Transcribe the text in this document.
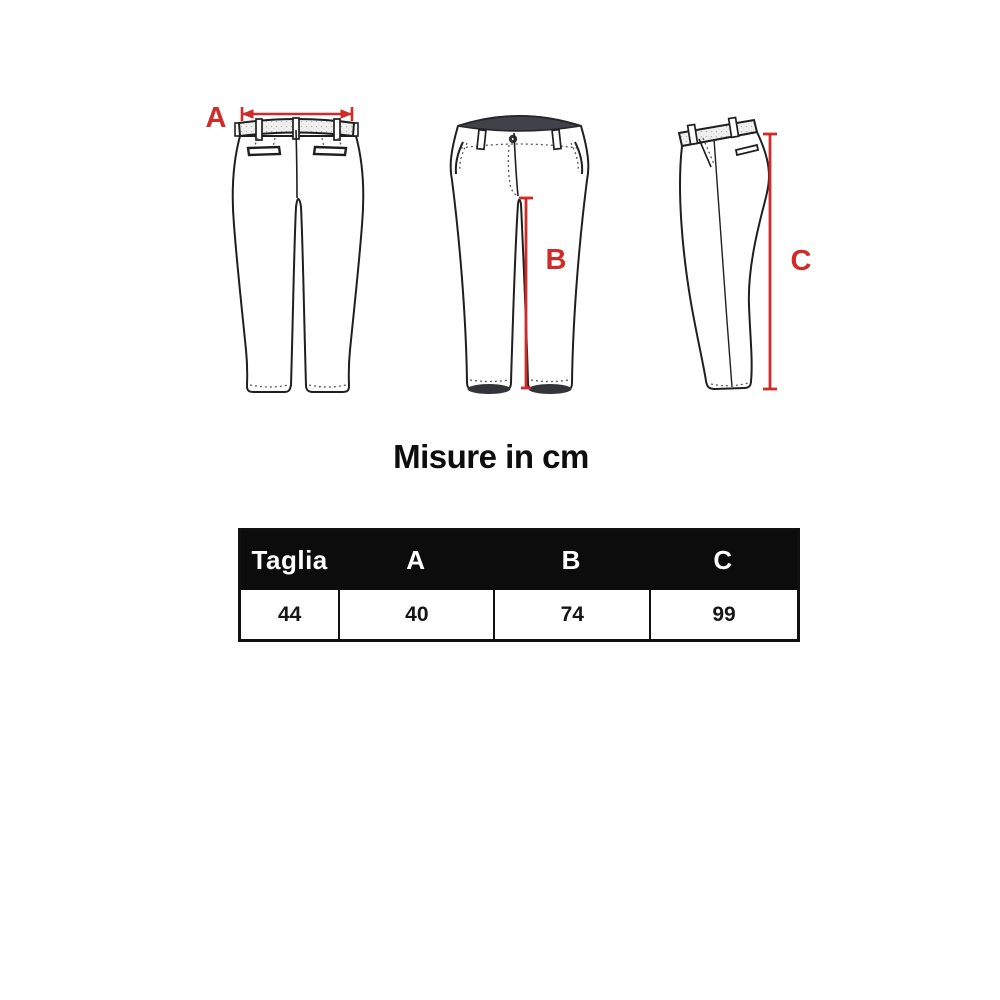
A
B	C
Misure in cm
Taglia	A	B	C
44	40	74	99
